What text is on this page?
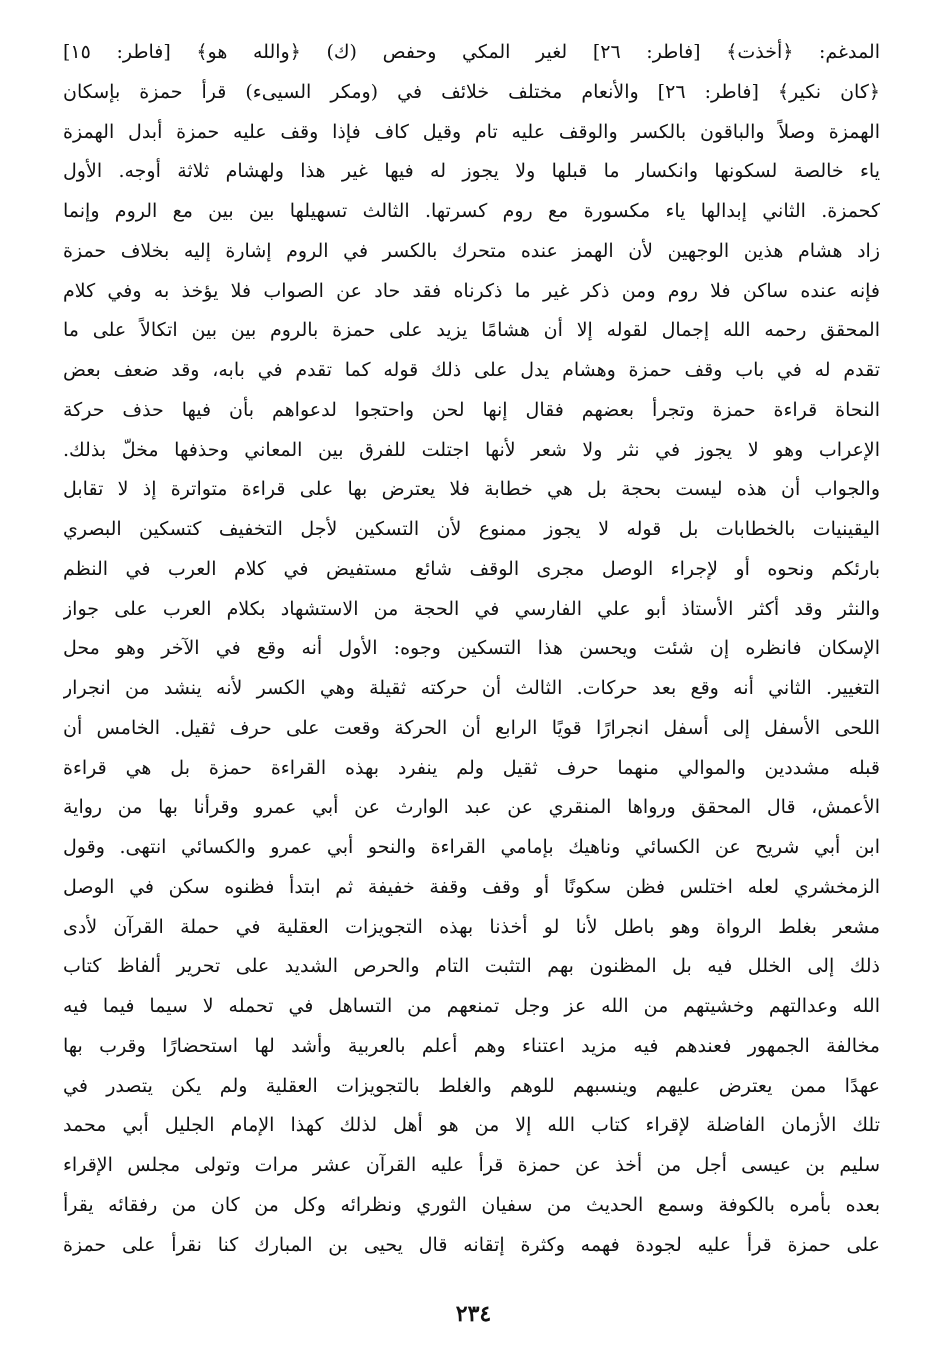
المدغم: ﴿أخذت﴾ [فاطر: ٢٦] لغير المكي وحفص (ك) ﴿والله هو﴾ [فاطر: ١٥]
﴿كان نكير﴾ [فاطر: ٢٦] والأنعام مختلف خلائف في (ومكر السيىء) قرأ حمزة بإسكان
الهمزة وصلاً والباقون بالكسر والوقف عليه تام وقيل كاف فإذا وقف عليه حمزة أبدل الهمزة
ياء خالصة لسكونها وانكسار ما قبلها ولا يجوز له فيها غير هذا ولهشام ثلاثة أوجه. الأول
كحمزة. الثاني إبدالها ياء مكسورة مع روم كسرتها. الثالث تسهيلها بين بين مع الروم وإنما
زاد هشام هذين الوجهين لأن الهمز عنده متحرك بالكسر في الروم إشارة إليه بخلاف حمزة
فإنه عنده ساكن فلا روم ومن ذكر غير ما ذكرناه فقد حاد عن الصواب فلا يؤخذ به وفي كلام
المحقق رحمه الله إجمال لقوله إلا أن هشامًا يزيد على حمزة بالروم بين بين اتكالاً على ما
تقدم له في باب وقف حمزة وهشام يدل على ذلك قوله كما تقدم في بابه، وقد ضعف بعض
النحاة قراءة حمزة وتجرأ بعضهم فقال إنها لحن واحتجوا لدعواهم بأن فيها حذف حركة
الإعراب وهو لا يجوز في نثر ولا شعر لأنها اجتلت للفرق بين المعاني وحذفها مخلّ بذلك.
والجواب أن هذه ليست بحجة بل هي خطابة فلا يعترض بها على قراءة متواترة إذ لا تقابل
اليقينيات بالخطابات بل قوله لا يجوز ممنوع لأن التسكين لأجل التخفيف كتسكين البصري
بارئكم ونحوه أو لإجراء الوصل مجرى الوقف شائع مستفيض في كلام العرب في النظم
والنثر وقد أكثر الأستاذ أبو علي الفارسي في الحجة من الاستشهاد بكلام العرب على جواز
الإسكان فانظره إن شئت ويحسن هذا التسكين وجوه: الأول أنه وقع في الآخر وهو محل
التغيير. الثاني أنه وقع بعد حركات. الثالث أن حركته ثقيلة وهي الكسر لأنه ينشد من انجرار
اللحى الأسفل إلى أسفل انجرارًا قويًا الرابع أن الحركة وقعت على حرف ثقيل. الخامس أن
قبله مشددين والموالي منهما حرف ثقيل ولم ينفرد بهذه القراءة حمزة بل هي قراءة
الأعمش، قال المحقق ورواها المنقري عن عبد الوارث عن أبي عمرو وقرأنا بها من رواية
ابن أبي شريح عن الكسائي وناهيك بإمامي القراءة والنحو أبي عمرو والكسائي انتهى. وقول
الزمخشري لعله اختلس فظن سكونًا أو وقف وقفة خفيفة ثم ابتدأ فظنوه سكن في الوصل
مشعر بغلط الرواة وهو باطل لأنا لو أخذنا بهذه التجويزات العقلية في حملة القرآن لأدى
ذلك إلى الخلل فيه بل المظنون بهم التثبت التام والحرص الشديد على تحرير ألفاظ كتاب
الله وعدالتهم وخشيتهم من الله عز وجل تمنعهم من التساهل في تحمله لا سيما فيما فيه
مخالفة الجمهور فعندهم فيه مزيد اعتناء وهم أعلم بالعربية وأشد لها استحضارًا وقرب بها
عهدًا ممن يعترض عليهم وينسبهم للوهم والغلط بالتجويزات العقلية ولم يكن يتصدر في
تلك الأزمان الفاضلة لإقراء كتاب الله إلا من هو أهل لذلك كهذا الإمام الجليل أبي محمد
سليم بن عيسى أجل من أخذ عن حمزة قرأ عليه القرآن عشر مرات وتولى مجلس الإقراء
بعده بأمره بالكوفة وسمع الحديث من سفيان الثوري ونظرائه وكل من كان من رفقائه يقرأ
على حمزة قرأ عليه لجودة فهمه وكثرة إتقانه قال يحيى بن المبارك كنا نقرأ على حمزة
٢٣٤
